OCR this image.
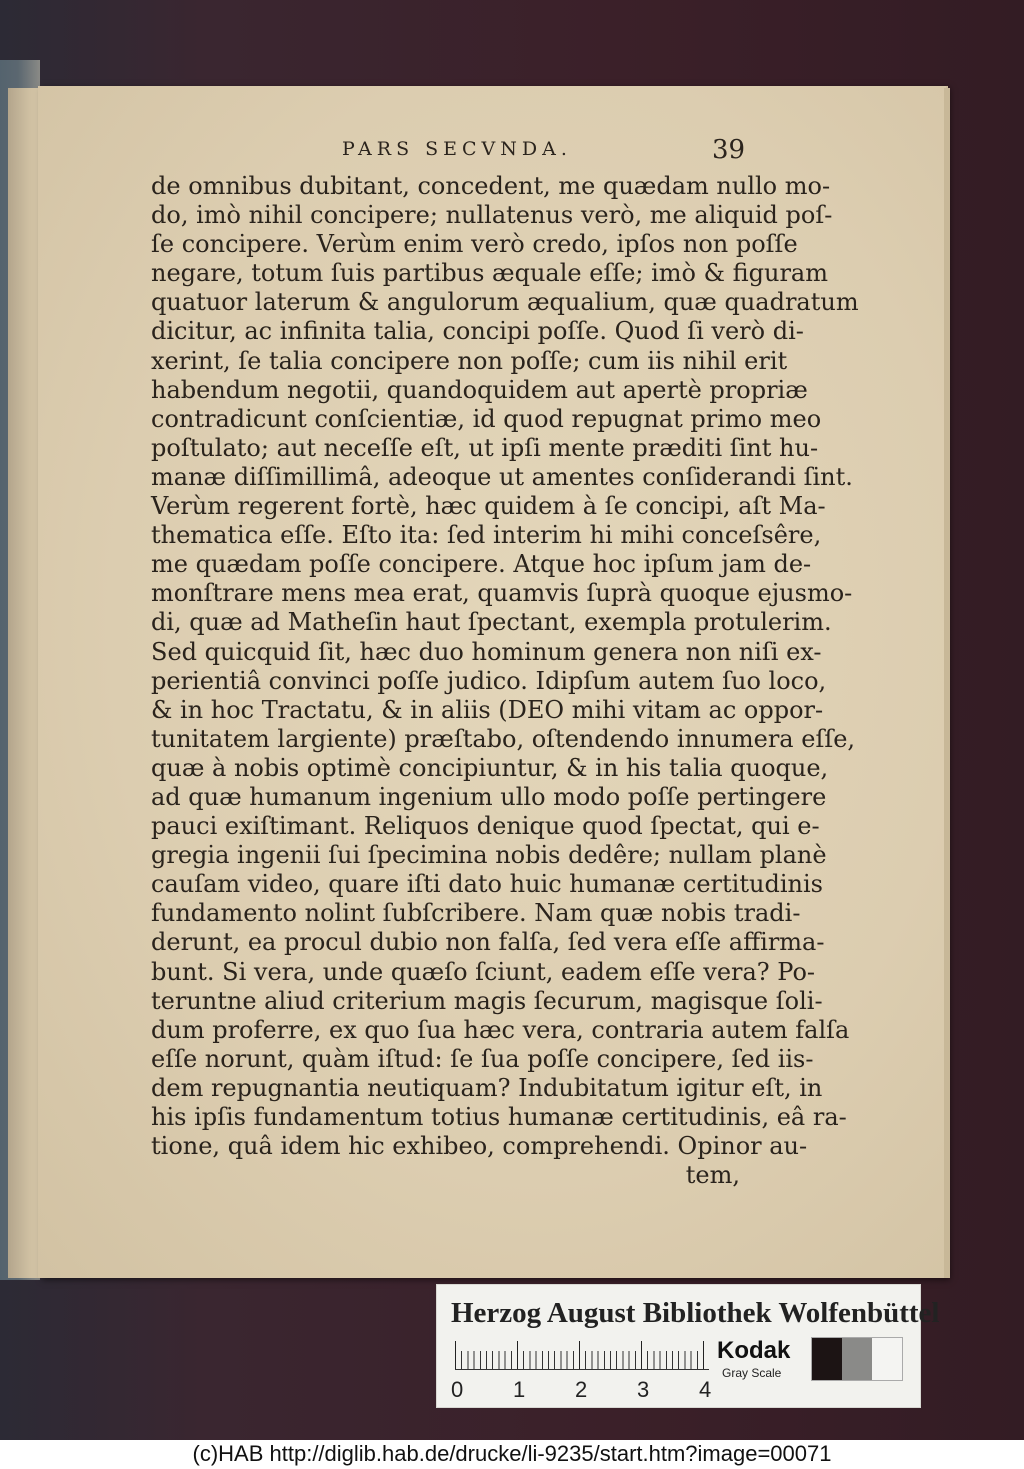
PARS SECVNDA.	39
de omnibus dubitant, concedent, me quædam nullo mo-
do, imò nihil concipere; nullatenus verò, me aliquid poſ-
ſe concipere. Verùm enim verò credo, ipſos non poſſe
negare, totum ſuis partibus æquale eſſe; imò & figuram
quatuor laterum & angulorum æqualium, quæ quadratum
dicitur, ac infinita talia, concipi poſſe. Quod ſi verò di-
xerint, ſe talia concipere non poſſe; cum iis nihil erit
habendum negotii, quandoquidem aut apertè propriæ
contradicunt conſcientiæ, id quod repugnat primo meo
poſtulato; aut neceſſe eſt, ut ipſi mente præditi ſint hu-
manæ diſſimillimâ, adeoque ut amentes conſiderandi ſint.
Verùm regerent fortè, hæc quidem à ſe concipi, aſt Ma-
thematica eſſe. Eſto ita: ſed interim hi mihi conceſsêre,
me quædam poſſe concipere. Atque hoc ipſum jam de-
monſtrare mens mea erat, quamvis ſuprà quoque ejusmo-
di, quæ ad Matheſin haut ſpectant, exempla protulerim.
Sed quicquid ſit, hæc duo hominum genera non niſi ex-
perientiâ convinci poſſe judico. Idipſum autem ſuo loco,
& in hoc Tractatu, & in aliis (DEO mihi vitam ac oppor-
tunitatem largiente) præſtabo, oſtendendo innumera eſſe,
quæ à nobis optimè concipiuntur, & in his talia quoque,
ad quæ humanum ingenium ullo modo poſſe pertingere
pauci exiſtimant. Reliquos denique quod ſpectat, qui e-
gregia ingenii ſui ſpecimina nobis dedêre; nullam planè
cauſam video, quare iſti dato huic humanæ certitudinis
fundamento nolint ſubſcribere. Nam quæ nobis tradi-
derunt, ea procul dubio non falſa, ſed vera eſſe affirma-
bunt. Si vera, unde quæſo ſciunt, eadem eſſe vera? Po-
teruntne aliud criterium magis ſecurum, magisque ſoli-
dum proferre, ex quo ſua hæc vera, contraria autem falſa
eſſe norunt, quàm iſtud: ſe ſua poſſe concipere, ſed iis-
dem repugnantia neutiquam? Indubitatum igitur eſt, in
his ipſis fundamentum totius humanæ certitudinis, eâ ra-
tione, quâ idem hic exhibeo, comprehendi. Opinor au-
tem,
Herzog August Bibliothek Wolfenbüttel
0 1 2 3 4
Kodak
Gray Scale
(c)HAB http://diglib.hab.de/drucke/li-9235/start.htm?image=00071
